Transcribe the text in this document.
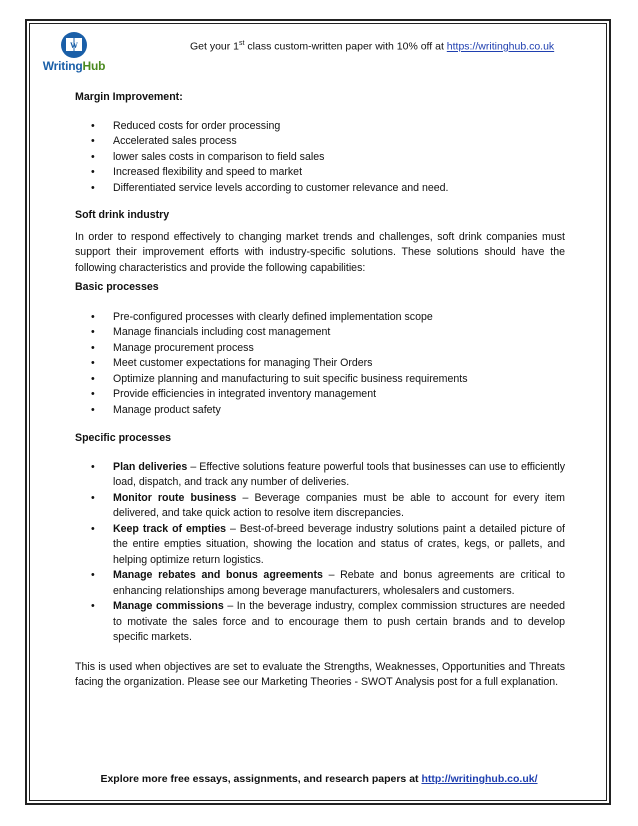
W
WritingHub
Get your 1st class custom-written paper with 10% off at https://writinghub.co.uk

Margin Improvement:

• Reduced costs for order processing
• Accelerated sales process
• lower sales costs in comparison to field sales
• Increased flexibility and speed to market
• Differentiated service levels according to customer relevance and need.

Soft drink industry

In order to respond effectively to changing market trends and challenges, soft drink companies must support their improvement efforts with industry-specific solutions. These solutions should have the following characteristics and provide the following capabilities:

Basic processes

• Pre-configured processes with clearly defined implementation scope
• Manage financials including cost management
• Manage procurement process
• Meet customer expectations for managing Their Orders
• Optimize planning and manufacturing to suit specific business requirements
• Provide efficiencies in integrated inventory management
• Manage product safety

Specific processes

• Plan deliveries – Effective solutions feature powerful tools that businesses can use to efficiently load, dispatch, and track any number of deliveries.
• Monitor route business – Beverage companies must be able to account for every item delivered, and take quick action to resolve item discrepancies.
• Keep track of empties – Best-of-breed beverage industry solutions paint a detailed picture of the entire empties situation, showing the location and status of crates, kegs, or pallets, and helping optimize return logistics.
• Manage rebates and bonus agreements – Rebate and bonus agreements are critical to enhancing relationships among beverage manufacturers, wholesalers and customers.
• Manage commissions – In the beverage industry, complex commission structures are needed to motivate the sales force and to encourage them to push certain brands and to develop specific markets.

This is used when objectives are set to evaluate the Strengths, Weaknesses, Opportunities and Threats facing the organization. Please see our Marketing Theories - SWOT Analysis post for a full explanation.

Explore more free essays, assignments, and research papers at http://writinghub.co.uk/
